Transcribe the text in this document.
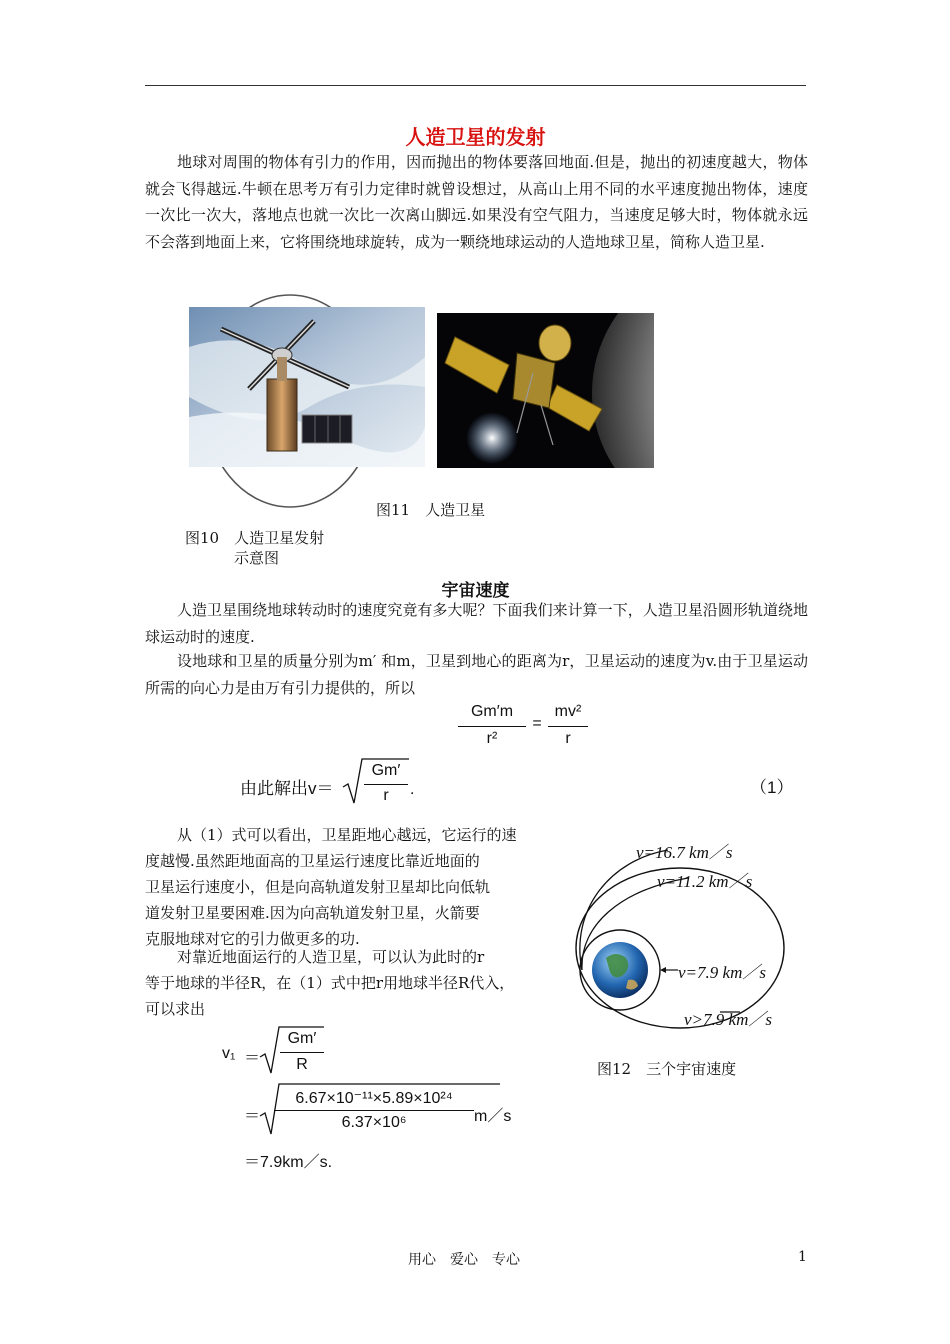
人造卫星的发射
地球对周围的物体有引力的作用，因而抛出的物体要落回地面.但是，抛出的初速度越大，物体就会飞得越远.牛顿在思考万有引力定律时就曾设想过，从高山上用不同的水平速度抛出物体，速度一次比一次大，落地点也就一次比一次离山脚远.如果没有空气阻力，当速度足够大时，物体就永远不会落到地面上来，它将围绕地球旋转，成为一颗绕地球运动的人造地球卫星，简称人造卫星.
图11　人造卫星
图10　人造卫星发射
示意图
宇宙速度
人造卫星围绕地球转动时的速度究竟有多大呢？下面我们来计算一下，人造卫星沿圆形轨道绕地球运动时的速度.
设地球和卫星的质量分别为m′ 和m，卫星到地心的距离为r，卫星运动的速度为v.由于卫星运动所需的向心力是由万有引力提供的，所以
Gm′m
r²
=
mv²
r
由此解出v＝
Gm′
r	.	（1）
从（1）式可以看出，卫星距地心越远，它运行的速
度越慢.虽然距地面高的卫星运行速度比靠近地面的
卫星运行速度小，但是向高轨道发射卫星却比向低轨
道发射卫星要困难.因为向高轨道发射卫星，火箭要
克服地球对它的引力做更多的功.
对靠近地面运行的人造卫星，可以认为此时的r
等于地球的半径R，在（1）式中把r用地球半径R代入，
可以求出
v₁ ＝
Gm′
R
＝
6.67×10⁻¹¹×5.89×10²⁴
6.37×10⁶	m／s
＝7.9km／s.
v=16.7 km／s
v=11.2 km／s
v=7.9 km／s
v>7.9 km／s
图12　三个宇宙速度
用心　爱心　专心	1
